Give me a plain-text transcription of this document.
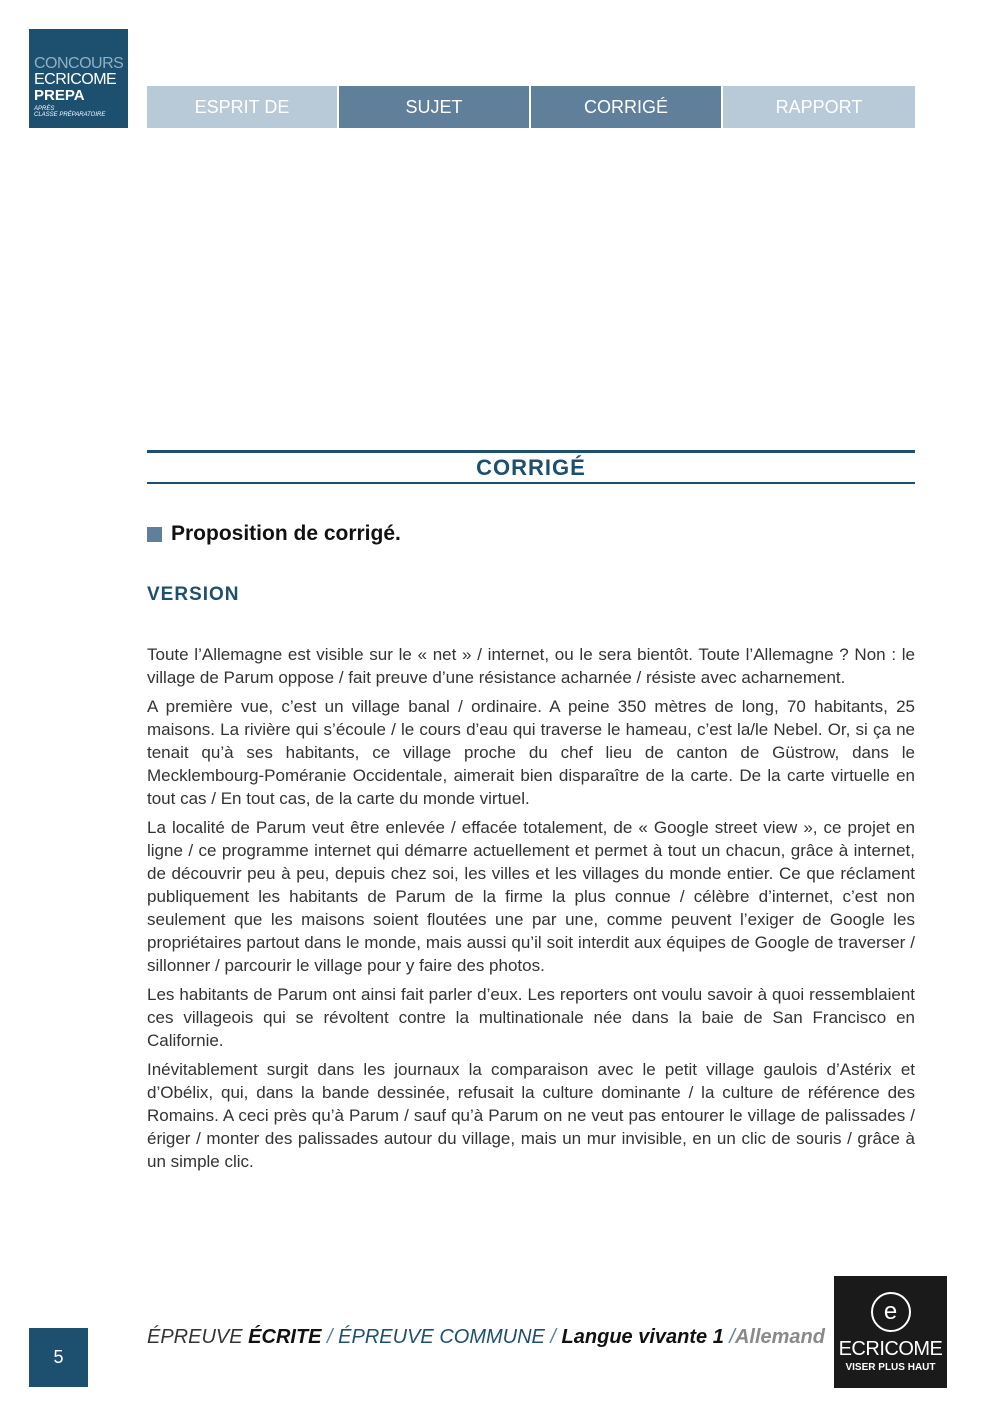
CONCOURS
ECRICOME
PREPA
APRÈS
CLASSE PRÉPARATOIRE	ESPRIT DE L’ÉPREUVE
SUJET	CORRIGÉ	RAPPORT
CORRIGÉ
Proposition de corrigé.
VERSION

Toute l’Allemagne est visible sur le « net » / internet, ou le sera bientôt. Toute l’Allemagne ? Non : le village de Parum oppose / fait preuve d’une résistance acharnée / résiste avec acharnement.

A première vue, c’est un village banal / ordinaire. A peine 350 mètres de long, 70 habitants, 25 maisons. La rivière qui s’écoule / le cours d’eau qui traverse le hameau, c’est la/le Nebel. Or, si ça ne tenait qu’à ses habitants, ce village proche du chef lieu de canton de Güstrow, dans le Mecklembourg-Poméranie Occidentale, aimerait bien disparaître de la carte. De la carte virtuelle en tout cas / En tout cas, de la carte du monde virtuel.

La localité de Parum veut être enlevée / effacée totalement, de « Google street view », ce projet en ligne / ce programme internet qui démarre actuellement et permet à tout un chacun, grâce à internet, de découvrir peu à peu, depuis chez soi, les villes et les villages du monde entier. Ce que réclament publiquement les habitants de Parum de la firme la plus connue / célèbre d’internet, c’est non seulement que les maisons soient floutées une par une, comme peuvent l’exiger de Google les propriétaires partout dans le monde, mais aussi qu’il soit interdit aux équipes de Google de traverser / sillonner / parcourir le village pour y faire des photos.

Les habitants de Parum ont ainsi fait parler d’eux. Les reporters ont voulu savoir à quoi ressemblaient ces villageois qui se révoltent contre la multinationale née dans la baie de San Francisco en Californie.

Inévitablement surgit dans les journaux la comparaison avec le petit village gaulois d’Astérix et d’Obélix, qui, dans la bande dessinée, refusait la culture dominante / la culture de référence des Romains. A ceci près qu’à Parum / sauf qu’à Parum on ne veut pas entourer le village de palissades / ériger / monter des palissades autour du village, mais un mur invisible, en un clic de souris / grâce à un simple clic.

5
ÉPREUVE ÉCRITE / ÉPREUVE COMMUNE / Langue vivante 1 /Allemand
e
ECRICOME
VISER PLUS HAUT
